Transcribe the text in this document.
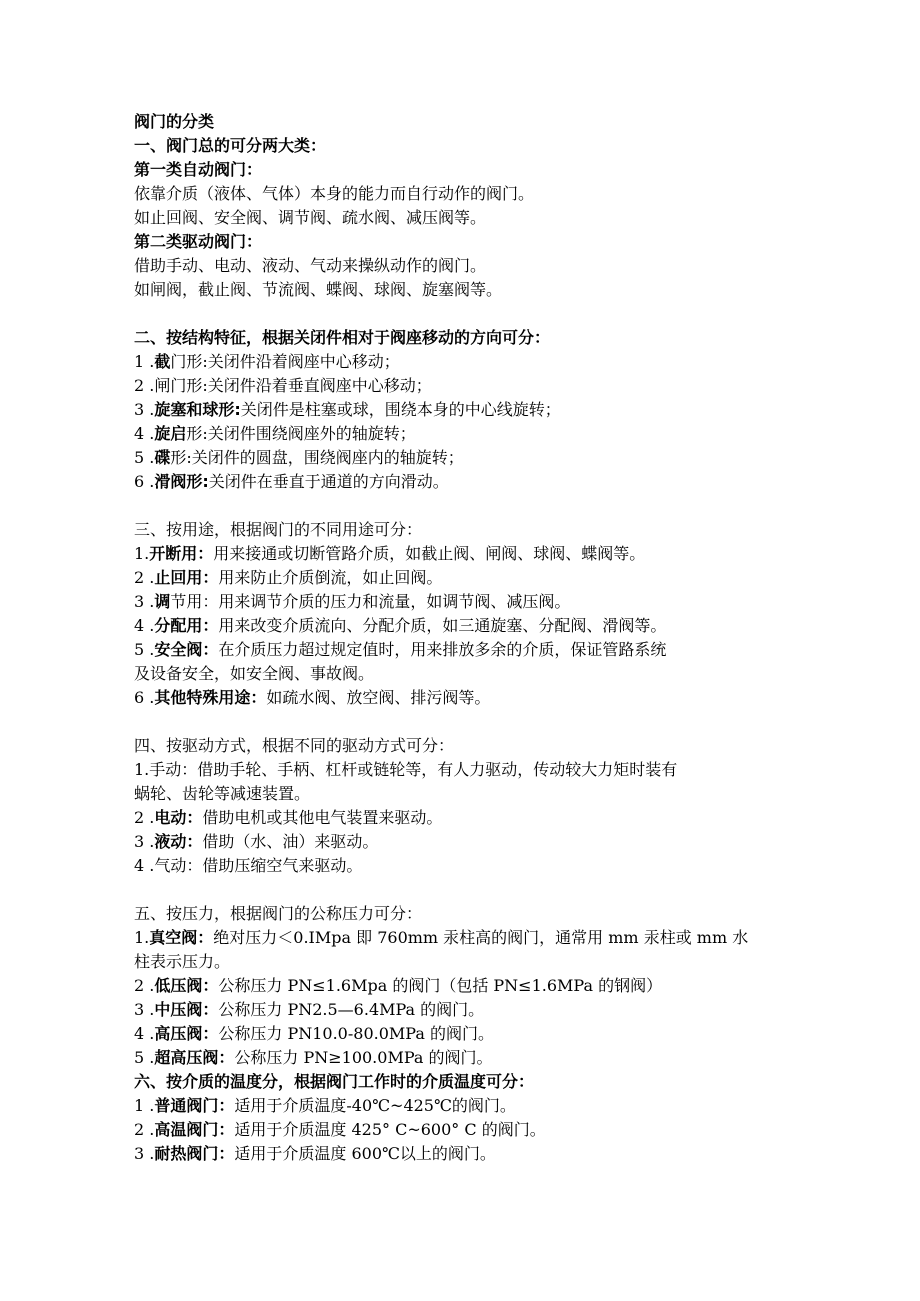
阀门的分类

一、阀门总的可分两大类：

第一类自动阀门：

依靠介质（液体、气体）本身的能力而自行动作的阀门。

如止回阀、安全阀、调节阀、疏水阀、减压阀等。

第二类驱动阀门：

借助手动、电动、液动、气动来操纵动作的阀门。

如闸阀，截止阀、节流阀、蝶阀、球阀、旋塞阀等。

二、按结构特征，根据关闭件相对于阀座移动的方向可分：

1 .截门形:关闭件沿着阀座中心移动；

2 .闸门形:关闭件沿着垂直阀座中心移动；

3 .旋塞和球形:关闭件是柱塞或球，围绕本身的中心线旋转；

4 .旋启形:关闭件围绕阀座外的轴旋转；

5 .碟形:关闭件的圆盘，围绕阀座内的轴旋转；

6 .滑阀形:关闭件在垂直于通道的方向滑动。

三、按用途，根据阀门的不同用途可分：

1.开断用：用来接通或切断管路介质，如截止阀、闸阀、球阀、蝶阀等。

2 .止回用：用来防止介质倒流，如止回阀。

3 .调节用：用来调节介质的压力和流量，如调节阀、减压阀。

4 .分配用：用来改变介质流向、分配介质，如三通旋塞、分配阀、滑阀等。

5 .安全阀：在介质压力超过规定值时，用来排放多余的介质，保证管路系统

及设备安全，如安全阀、事故阀。

6 .其他特殊用途：如疏水阀、放空阀、排污阀等。

四、按驱动方式，根据不同的驱动方式可分：

1.手动：借助手轮、手柄、杠杆或链轮等，有人力驱动，传动较大力矩时装有

蜗轮、齿轮等减速装置。

2 .电动：借助电机或其他电气装置来驱动。

3 .液动：借助（水、油）来驱动。

4 .气动：借助压缩空气来驱动。

五、按压力，根据阀门的公称压力可分：

1.真空阀：绝对压力＜0.IMpa 即 760mm 汞柱高的阀门，通常用 mm 汞柱或 mm 水

柱表示压力。

2 .低压阀：公称压力 PN≤1.6Mpa 的阀门（包括 PN≤1.6MPa 的钢阀）

3 .中压阀：公称压力 PN2.5—6.4MPa 的阀门。

4 .高压阀：公称压力 PN10.0-80.0MPa 的阀门。

5 .超高压阀：公称压力 PN≥100.0MPa 的阀门。

六、按介质的温度分，根据阀门工作时的介质温度可分：

1 .普通阀门：适用于介质温度-40℃~425℃的阀门。

2 .高温阀门：适用于介质温度 425° C~600° C 的阀门。

3 .耐热阀门：适用于介质温度 600℃以上的阀门。
